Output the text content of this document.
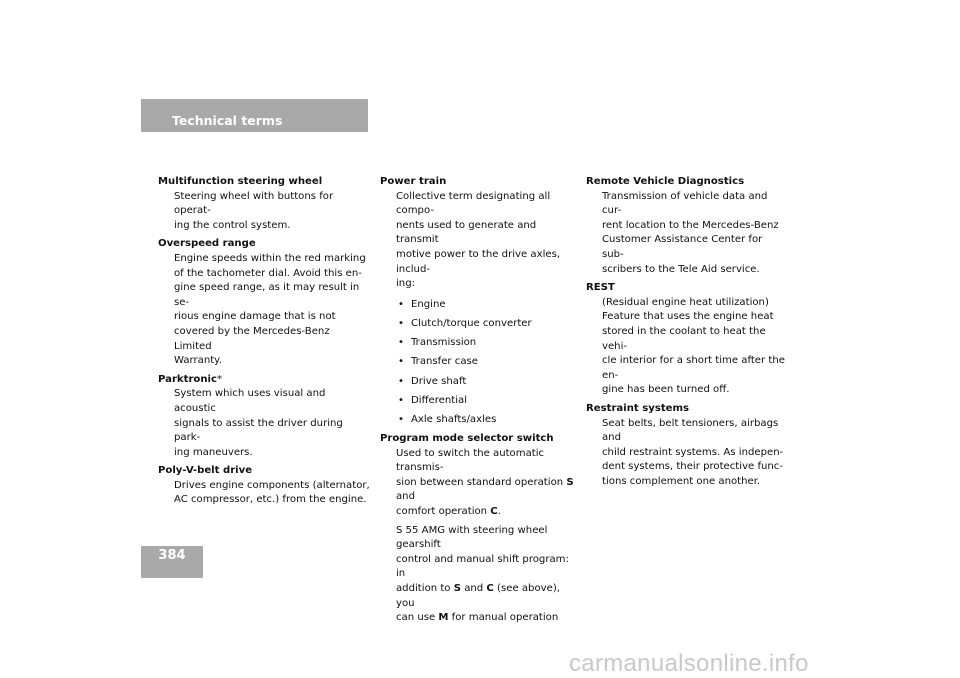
Technical terms
Multifunction steering wheel
Steering wheel with buttons for operat-
ing the control system.
Overspeed range
Engine speeds within the red marking
of the tachometer dial. Avoid this en-
gine speed range, as it may result in se-
rious engine damage that is not
covered by the Mercedes-Benz Limited
Warranty.
Parktronic*
System which uses visual and acoustic
signals to assist the driver during park-
ing maneuvers.
Poly-V-belt drive
Drives engine components (alternator,
AC compressor, etc.) from the engine.
Power train
Collective term designating all compo-
nents used to generate and transmit
motive power to the drive axles, includ-
ing:
• Engine
• Clutch/torque converter
• Transmission
• Transfer case
• Drive shaft
• Differential
• Axle shafts/axles
Program mode selector switch
Used to switch the automatic transmis-
sion between standard operation S and
comfort operation C.
S 55 AMG with steering wheel gearshift
control and manual shift program: in
addition to S and C (see above), you
can use M for manual operation
Remote Vehicle Diagnostics
Transmission of vehicle data and cur-
rent location to the Mercedes-Benz
Customer Assistance Center for sub-
scribers to the Tele Aid service.
REST
(Residual engine heat utilization)
Feature that uses the engine heat
stored in the coolant to heat the vehi-
cle interior for a short time after the en-
gine has been turned off.
Restraint systems
Seat belts, belt tensioners, airbags and
child restraint systems. As indepen-
dent systems, their protective func-
tions complement one another.
384
carmanualsonline.info
